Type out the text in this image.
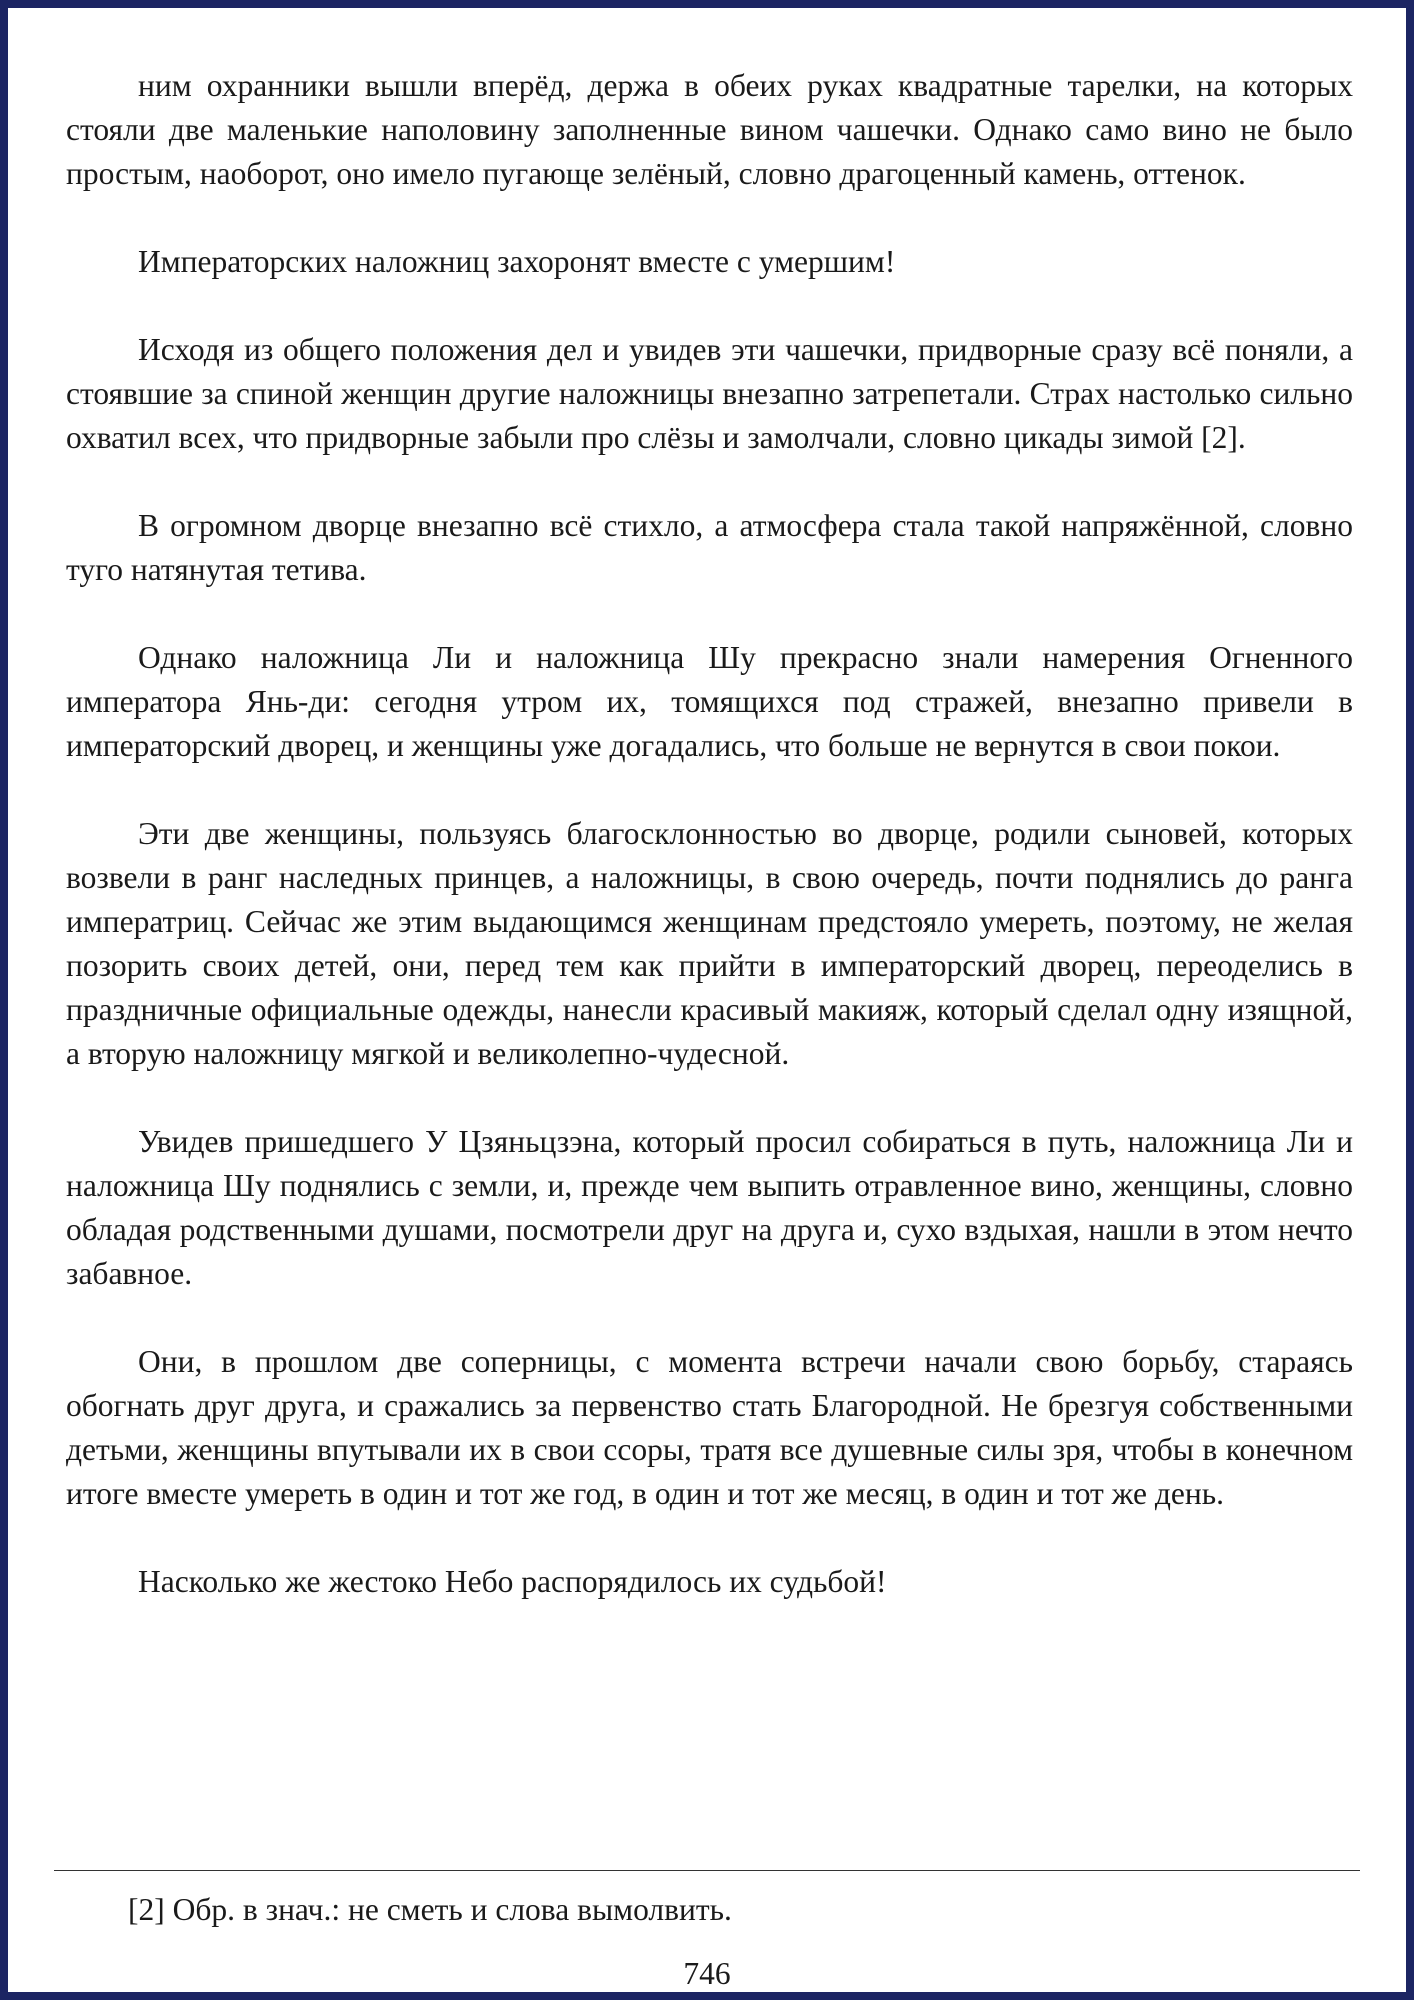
ним охранники вышли вперёд, держа в обеих руках квадратные тарелки, на которых стояли две маленькие наполовину заполненные вином чашечки. Однако само вино не было простым, наоборот, оно имело пугающе зелёный, словно драгоценный камень, оттенок.

Императорских наложниц захоронят вместе с умершим!

Исходя из общего положения дел и увидев эти чашечки, придворные сразу всё поняли, а стоявшие за спиной женщин другие наложницы внезапно затрепетали. Страх настолько сильно охватил всех, что придворные забыли про слёзы и замолчали, словно цикады зимой [2].

В огромном дворце внезапно всё стихло, а атмосфера стала такой напряжённой, словно туго натянутая тетива.

Однако наложница Ли и наложница Шу прекрасно знали намерения Огненного императора Янь-ди: сегодня утром их, томящихся под стражей, внезапно привели в императорский дворец, и женщины уже догадались, что больше не вернутся в свои покои.

Эти две женщины, пользуясь благосклонностью во дворце, родили сыновей, которых возвели в ранг наследных принцев, а наложницы, в свою очередь, почти поднялись до ранга императриц. Сейчас же этим выдающимся женщинам предстояло умереть, поэтому, не желая позорить своих детей, они, перед тем как прийти в императорский дворец, переоделись в праздничные официальные одежды, нанесли красивый макияж, который сделал одну изящной, а вторую наложницу мягкой и великолепно-чудесной.

Увидев пришедшего У Цзяньцзэна, который просил собираться в путь, наложница Ли и наложница Шу поднялись с земли, и, прежде чем выпить отравленное вино, женщины, словно обладая родственными душами, посмотрели друг на друга и, сухо вздыхая, нашли в этом нечто забавное.

Они, в прошлом две соперницы, с момента встречи начали свою борьбу, стараясь обогнать друг друга, и сражались за первенство стать Благородной. Не брезгуя собственными детьми, женщины впутывали их в свои ссоры, тратя все душевные силы зря, чтобы в конечном итоге вместе умереть в один и тот же год, в один и тот же месяц, в один и тот же день.

Насколько же жестоко Небо распорядилось их судьбой!

[2] Обр. в знач.: не сметь и слова вымолвить.

746
